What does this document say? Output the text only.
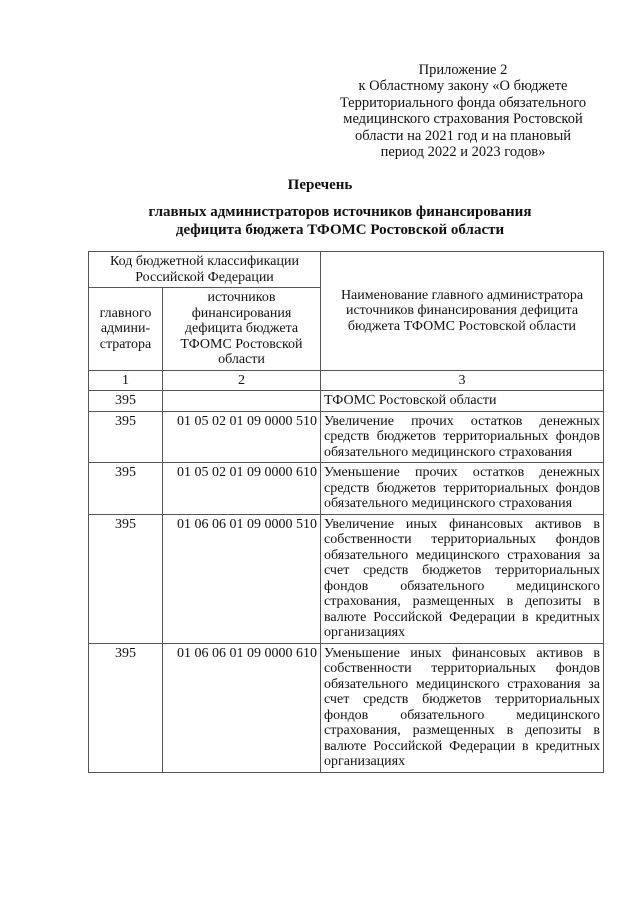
Приложение 2
к Областному закону «О бюджете
Территориального фонда обязательного
медицинского страхования Ростовской
области на 2021 год и на плановый
период 2022 и 2023 годов»
Перечень
главных администраторов источников финансирования
дефицита бюджета ТФОМС Ростовской области
Код бюджетной классификации Российской Федерации		Наименование главного администратора источников финансирования дефицита бюджета ТФОМС Ростовской области
главного админи-стратора	источников финансирования дефицита бюджета ТФОМС Ростовской области	
1	2	3
395		ТФОМС Ростовской области
395	01 05 02 01 09 0000 510	Увеличение прочих остатков денежных средств бюджетов территориальных фондов обязательного медицинского страхования
395	01 05 02 01 09 0000 610	Уменьшение прочих остатков денежных средств бюджетов территориальных фондов обязательного медицинского страхования
395	01 06 06 01 09 0000 510	Увеличение иных финансовых активов в собственности территориальных фондов обязательного медицинского страхования за счет средств бюджетов территориальных фондов обязательного медицинского страхования, размещенных в депозиты в валюте Российской Федерации в кредитных организациях
395	01 06 06 01 09 0000 610	Уменьшение иных финансовых активов в собственности территориальных фондов обязательного медицинского страхования за счет средств бюджетов территориальных фондов обязательного медицинского страхования, размещенных в депозиты в валюте Российской Федерации в кредитных организациях
